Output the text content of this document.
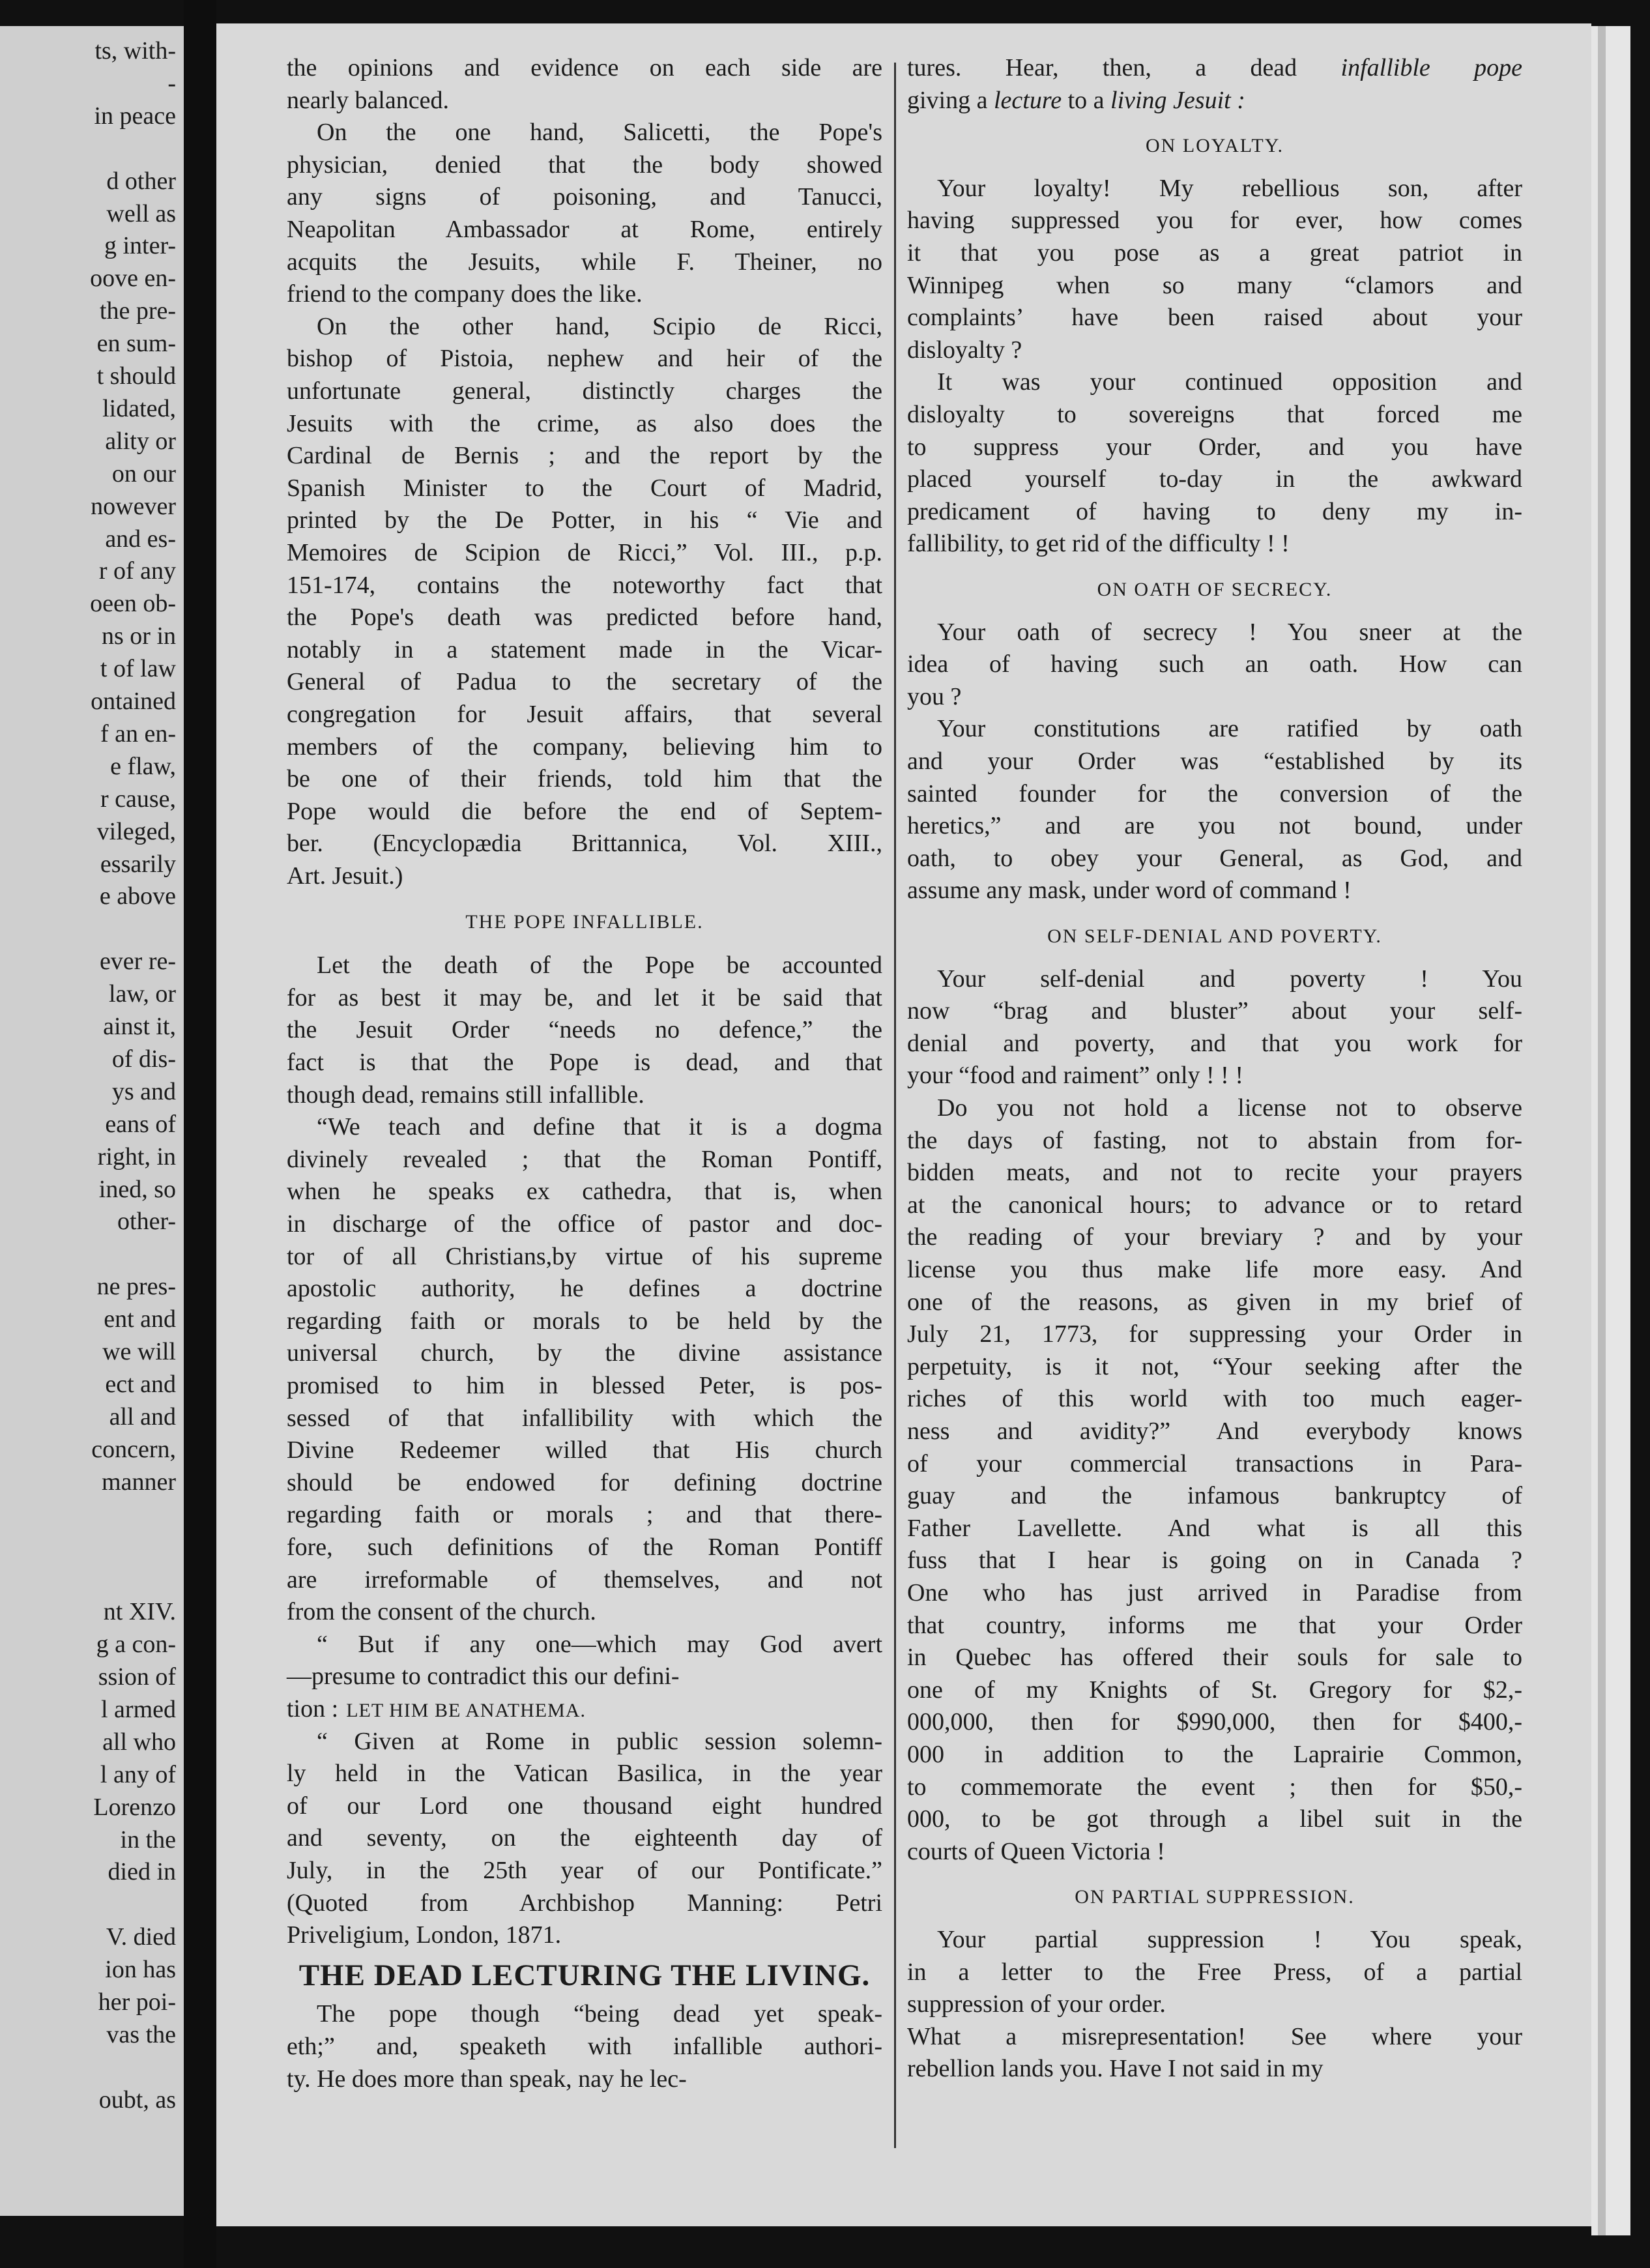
ts, with-
-
in peace
d other
well as
g inter-
oove en-
the pre-
en sum-
t should
lidated,
ality or
on our
nowever
and es-
r of any
oeen ob-
ns or in
t of law
ontained
f an en-
e flaw,
r cause,
vileged,
essarily
e above
ever re-
law, or
ainst it,
of dis-
ys and
eans of
right, in
ined, so
other-
ne pres-
ent and
we will
ect and
all and
concern,
manner
nt XIV.
g a con-
ssion of
l armed
all who
l any of
Lorenzo
in the
died in
V. died
ion has
her poi-
vas the
oubt, as
the opinions and evidence on each side are
nearly balanced.
On the one hand, Salicetti, the Pope's
physician, denied that the body showed
any signs of poisoning, and Tanucci,
Neapolitan Ambassador at Rome, entirely
acquits the Jesuits, while F. Theiner, no
friend to the company does the like.
On the other hand, Scipio de Ricci,
bishop of Pistoia, nephew and heir of the
unfortunate general, distinctly charges the
Jesuits with the crime, as also does the
Cardinal de Bernis ; and the report by the
Spanish Minister to the Court of Madrid,
printed by the De Potter, in his “ Vie and
Memoires de Scipion de Ricci,” Vol. III., p.p.
151-174, contains the noteworthy fact that
the Pope's death was predicted before hand,
notably in a statement made in the Vicar-
General of Padua to the secretary of the
congregation for Jesuit affairs, that several
members of the company, believing him to
be one of their friends, told him that the
Pope would die before the end of Septem-
ber. (Encyclopædia Brittannica, Vol. XIII.,
Art. Jesuit.)
THE POPE INFALLIBLE.
Let the death of the Pope be accounted
for as best it may be, and let it be said that
the Jesuit Order “needs no defence,” the
fact is that the Pope is dead, and that
though dead, remains still infallible.
“We teach and define that it is a dogma
divinely revealed ; that the Roman Pontiff,
when he speaks ex cathedra, that is, when
in discharge of the office of pastor and doc-
tor of all Christians,by virtue of his supreme
apostolic authority, he defines a doctrine
regarding faith or morals to be held by the
universal church, by the divine assistance
promised to him in blessed Peter, is pos-
sessed of that infallibility with which the
Divine Redeemer willed that His church
should be endowed for defining doctrine
regarding faith or morals ; and that there-
fore, such definitions of the Roman Pontiff
are irreformable of themselves, and not
from the consent of the church.
“ But if any one—which may God avert
—presume to contradict this our defini-
tion : LET HIM BE ANATHEMA.
“ Given at Rome in public session solemn-
ly held in the Vatican Basilica, in the year
of our Lord one thousand eight hundred
and seventy, on the eighteenth day of
July, in the 25th year of our Pontificate.”
(Quoted from Archbishop Manning: Petri
Priveligium, London, 1871.
THE DEAD LECTURING THE LIVING.
The pope though “being dead yet speak-
eth;” and, speaketh with infallible authori-
ty. He does more than speak, nay he lec-
tures. Hear, then, a dead infallible pope
giving a lecture to a living Jesuit :
ON LOYALTY.
Your loyalty! My rebellious son, after
having suppressed you for ever, how comes
it that you pose as a great patriot in
Winnipeg when so many “clamors and
complaints’ have been raised about your
disloyalty ?
It was your continued opposition and
disloyalty to sovereigns that forced me
to suppress your Order, and you have
placed yourself to-day in the awkward
predicament of having to deny my in-
fallibility, to get rid of the difficulty ! !
ON OATH OF SECRECY.
Your oath of secrecy ! You sneer at the
idea of having such an oath. How can
you ?
Your constitutions are ratified by oath
and your Order was “established by its
sainted founder for the conversion of the
heretics,” and are you not bound, under
oath, to obey your General, as God, and
assume any mask, under word of command !
ON SELF-DENIAL AND POVERTY.
Your self-denial and poverty ! You
now “brag and bluster” about your self-
denial and poverty, and that you work for
your “food and raiment” only ! ! !
Do you not hold a license not to observe
the days of fasting, not to abstain from for-
bidden meats, and not to recite your prayers
at the canonical hours; to advance or to retard
the reading of your breviary ? and by your
license you thus make life more easy. And
one of the reasons, as given in my brief of
July 21, 1773, for suppressing your Order in
perpetuity, is it not, “Your seeking after the
riches of this world with too much eager-
ness and avidity?” And everybody knows
of your commercial transactions in Para-
guay and the infamous bankruptcy of
Father Lavellette. And what is all this
fuss that I hear is going on in Canada ?
One who has just arrived in Paradise from
that country, informs me that your Order
in Quebec has offered their souls for sale to
one of my Knights of St. Gregory for $2,-
000,000, then for $990,000, then for $400,-
000 in addition to the Laprairie Common,
to commemorate the event ; then for $50,-
000, to be got through a libel suit in the
courts of Queen Victoria !
ON PARTIAL SUPPRESSION.
Your partial suppression ! You speak,
in a letter to the Free Press, of a partial
suppression of your order.
What a misrepresentation! See where your
rebellion lands you. Have I not said in my
